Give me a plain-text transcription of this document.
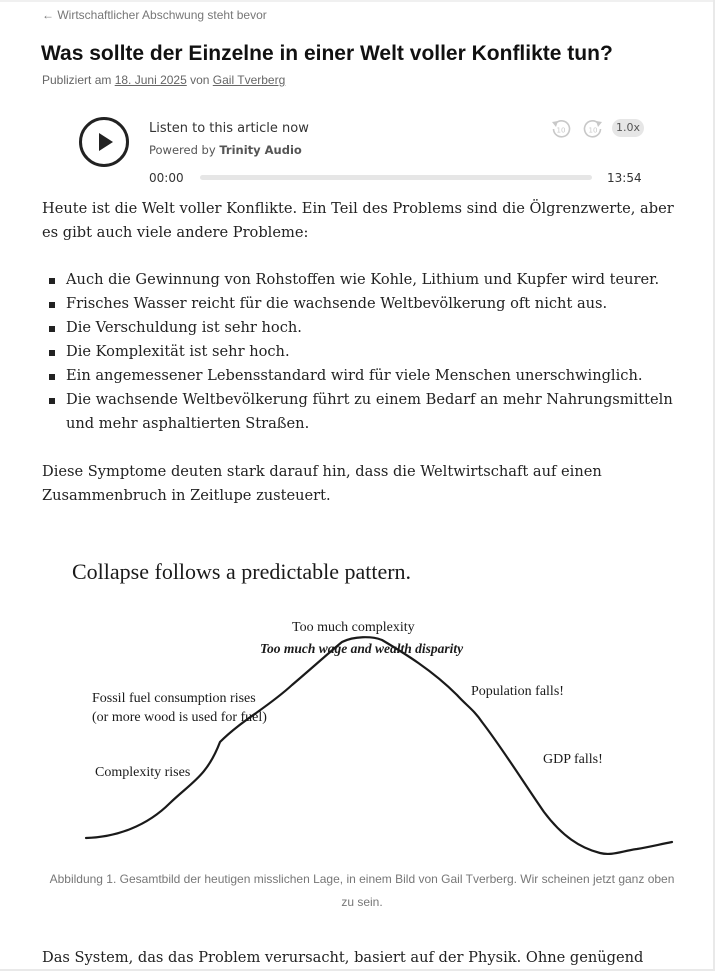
← Wirtschaftlicher Abschwung steht bevor
Was sollte der Einzelne in einer Welt voller Konflikte tun?
Publiziert am 18. Juni 2025 von Gail Tverberg
Listen to this article now
Powered by Trinity Audio
10	10	1.0x
00:00	13:54

Heute ist die Welt voller Konflikte. Ein Teil des Problems sind die Ölgrenzwerte, aber es gibt auch viele andere Probleme:

Auch die Gewinnung von Rohstoffen wie Kohle, Lithium und Kupfer wird teurer.
Frisches Wasser reicht für die wachsende Weltbevölkerung oft nicht aus.
Die Verschuldung ist sehr hoch.
Die Komplexität ist sehr hoch.
Ein angemessener Lebensstandard wird für viele Menschen unerschwinglich.
Die wachsende Weltbevölkerung führt zu einem Bedarf an mehr Nahrungsmitteln und mehr asphaltierten Straßen.

Diese Symptome deuten stark darauf hin, dass die Weltwirtschaft auf einen Zusammenbruch in Zeitlupe zusteuert.

Collapse follows a predictable pattern.
Too much complexity
Too much wage and wealth disparity
Fossil fuel consumption rises
(or more wood is used for fuel)
Complexity rises
Population falls!
GDP falls!

Abbildung 1. Gesamtbild der heutigen misslichen Lage, in einem Bild von Gail Tverberg. Wir scheinen jetzt ganz oben zu sein.

Das System, das das Problem verursacht, basiert auf der Physik. Ohne genügend
